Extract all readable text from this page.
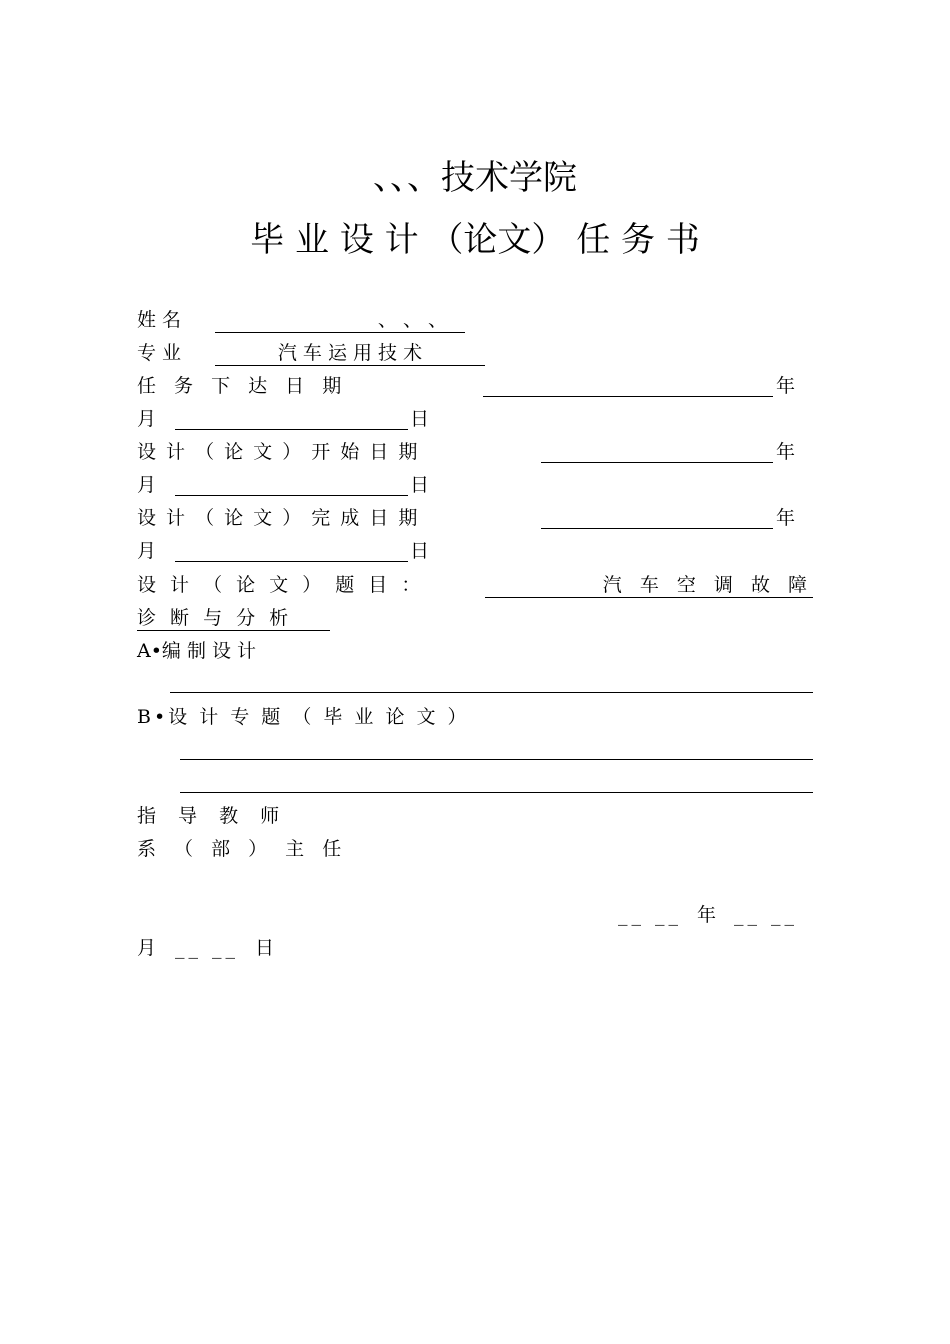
、、、技术学院
毕 业 设 计 （论文） 任 务 书
姓 名	、 、 、
专 业	汽 车 运 用 技 术
任 务 下 达 日 期	年
月	日
设 计 （ 论 文 ） 开 始 日 期	年
月	日
设 计 （ 论 文 ） 完 成 日 期	年
月	日
设 计 （ 论 文 ） 题 目 ：	汽 车 空 调 故 障
诊 断 与 分 析
A•编 制 设 计
B•设 计 专 题 （ 毕 业 论 文 ）
指 导 教 师
系 （ 部 ） 主 任
__ __ 年 __ __
月 __ __ 日
